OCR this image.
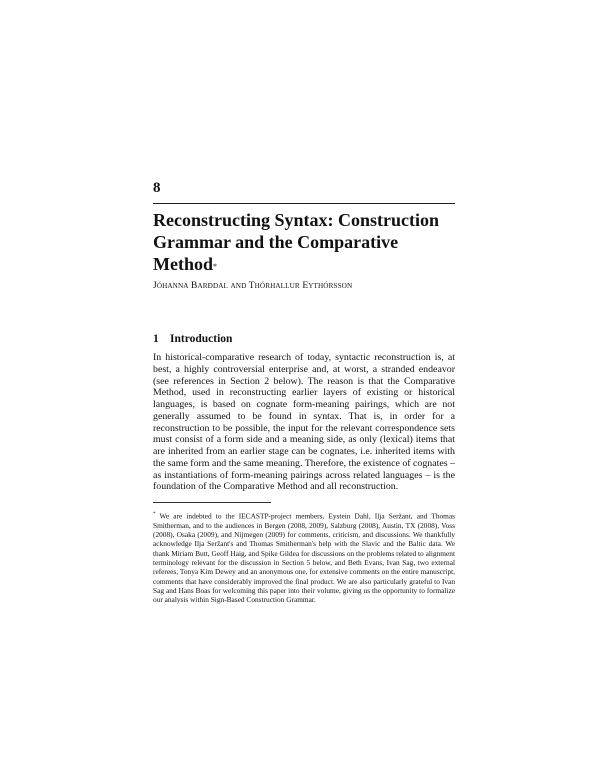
8
Reconstructing Syntax: Construction
Grammar and the Comparative
Method*
JÓHANNA BARÐDAL AND THÓRHALLUR EYTHÓRSSON
1 Introduction

In historical-comparative research of today, syntactic reconstruction is, at best, a highly controversial enterprise and, at worst, a stranded endeavor (see references in Section 2 below). The reason is that the Comparative Method, used in reconstructing earlier layers of existing or historical languages, is based on cognate form-meaning pairings, which are not generally assumed to be found in syntax. That is, in order for a reconstruction to be possible, the input for the relevant correspondence sets must consist of a form side and a meaning side, as only (lexical) items that are inherited from an earlier stage can be cognates, i.e. inherited items with the same form and the same meaning. Therefore, the existence of cognates – as instantiations of form-meaning pairings across related languages – is the foundation of the Comparative Method and all reconstruction.

* We are indebted to the IECASTP-project members, Eystein Dahl, Ilja Seržant, and Thomas Smitherman, and to the audiences in Bergen (2008, 2009), Salzburg (2008), Austin, TX (2008), Voss (2008), Osaka (2009), and Nijmegen (2009) for comments, criticism, and discussions. We thankfully acknowledge Ilja Seržant's and Thomas Smitherman's help with the Slavic and the Baltic data. We thank Miriam Butt, Geoff Haig, and Spike Gildea for discussions on the problems related to alignment terminology relevant for the discussion in Section 5 below, and Beth Evans, Ivan Sag, two external referees, Tonya Kim Dewey and an anonymous one, for extensive comments on the entire manuscript, comments that have considerably improved the final product. We are also particularly grateful to Ivan Sag and Hans Boas for welcoming this paper into their volume, giving us the opportunity to formalize our analysis within Sign-Based Construction Grammar.
